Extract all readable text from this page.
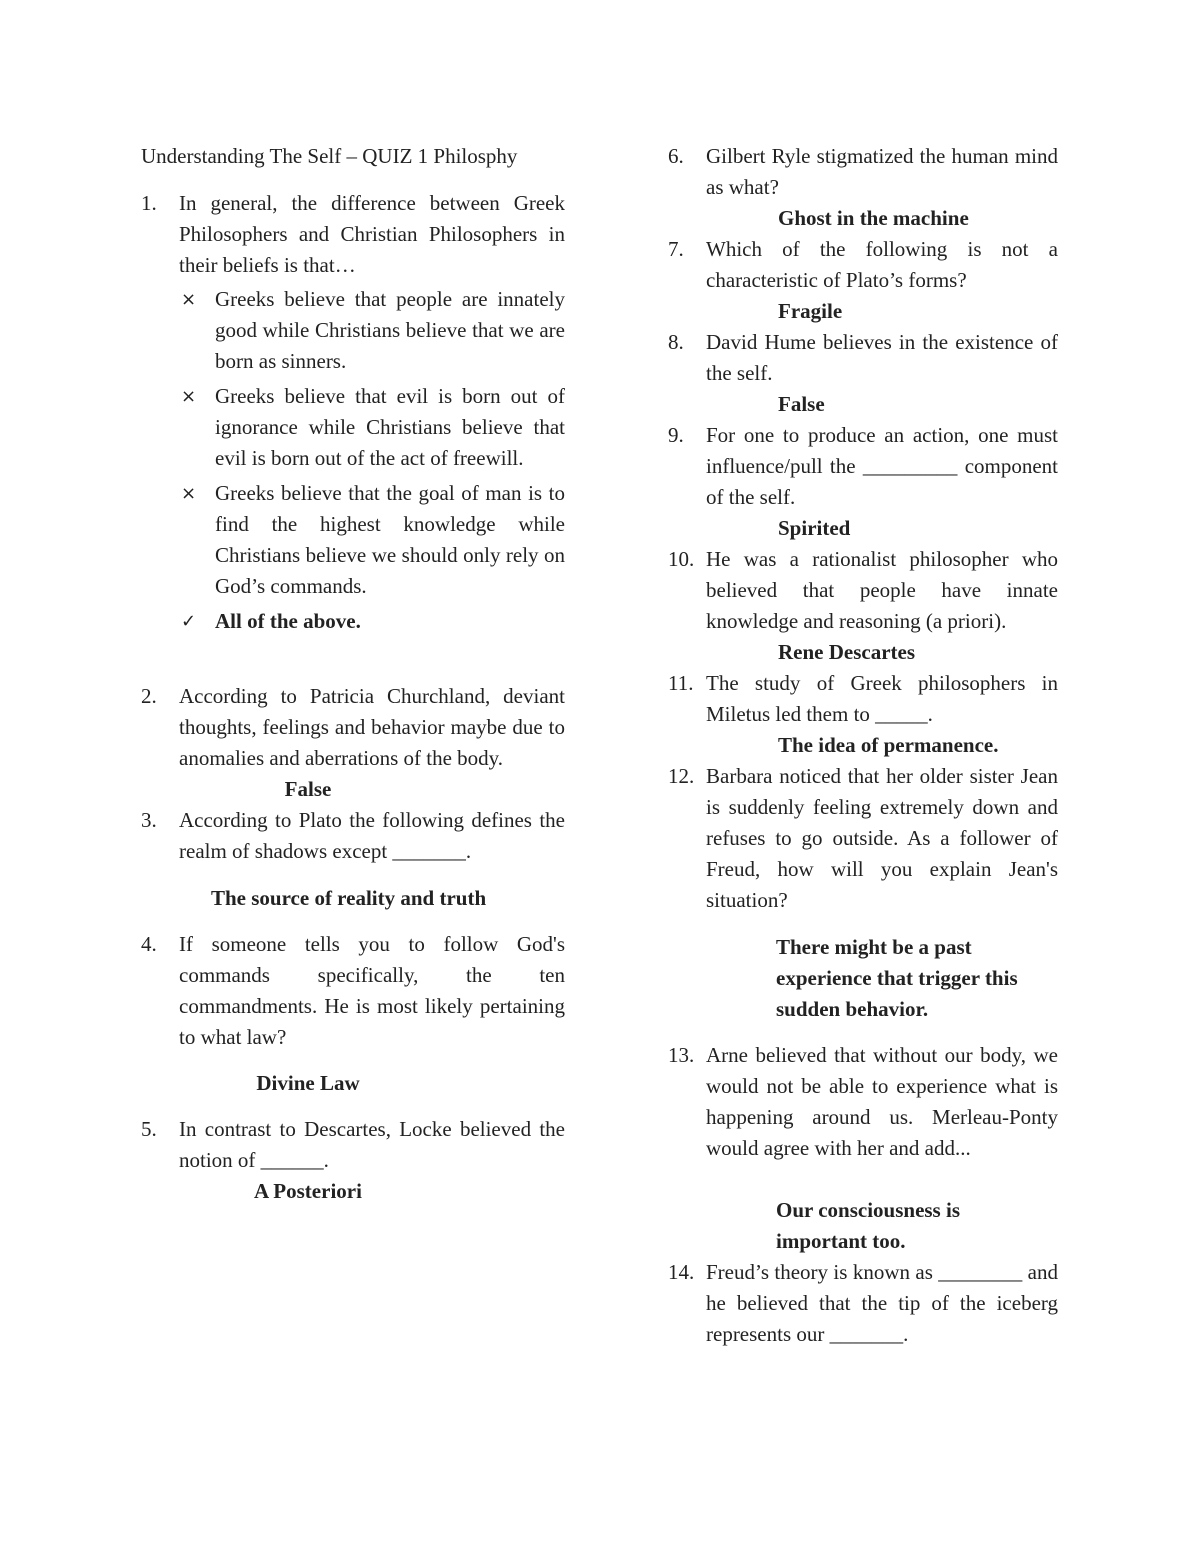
Understanding The Self – QUIZ 1 Philosphy
1. In general, the difference between Greek Philosophers and Christian Philosophers in their beliefs is that…
× Greeks believe that people are innately good while Christians believe that we are born as sinners.
× Greeks believe that evil is born out of ignorance while Christians believe that evil is born out of the act of freewill.
× Greeks believe that the goal of man is to find the highest knowledge while Christians believe we should only rely on God’s commands.
✓ All of the above.
2. According to Patricia Churchland, deviant thoughts, feelings and behavior maybe due to anomalies and aberrations of the body.
False
3. According to Plato the following defines the realm of shadows except _______.
The source of reality and truth
4. If someone tells you to follow God's commands specifically, the ten commandments. He is most likely pertaining to what law?
Divine Law
5. In contrast to Descartes, Locke believed the notion of ______.
A Posteriori
6. Gilbert Ryle stigmatized the human mind as what?
Ghost in the machine
7. Which of the following is not a characteristic of Plato’s forms?
Fragile
8. David Hume believes in the existence of the self.
False
9. For one to produce an action, one must influence/pull the _________ component of the self.
Spirited
10. He was a rationalist philosopher who believed that people have innate knowledge and reasoning (a priori).
Rene Descartes
11. The study of Greek philosophers in Miletus led them to _____.
The idea of permanence.
12. Barbara noticed that her older sister Jean is suddenly feeling extremely down and refuses to go outside. As a follower of Freud, how will you explain Jean's situation?
There might be a past experience that trigger this sudden behavior.
13. Arne believed that without our body, we would not be able to experience what is happening around us. Merleau-Ponty would agree with her and add...
Our consciousness is important too.
14. Freud’s theory is known as ________ and he believed that the tip of the iceberg represents our _______.
